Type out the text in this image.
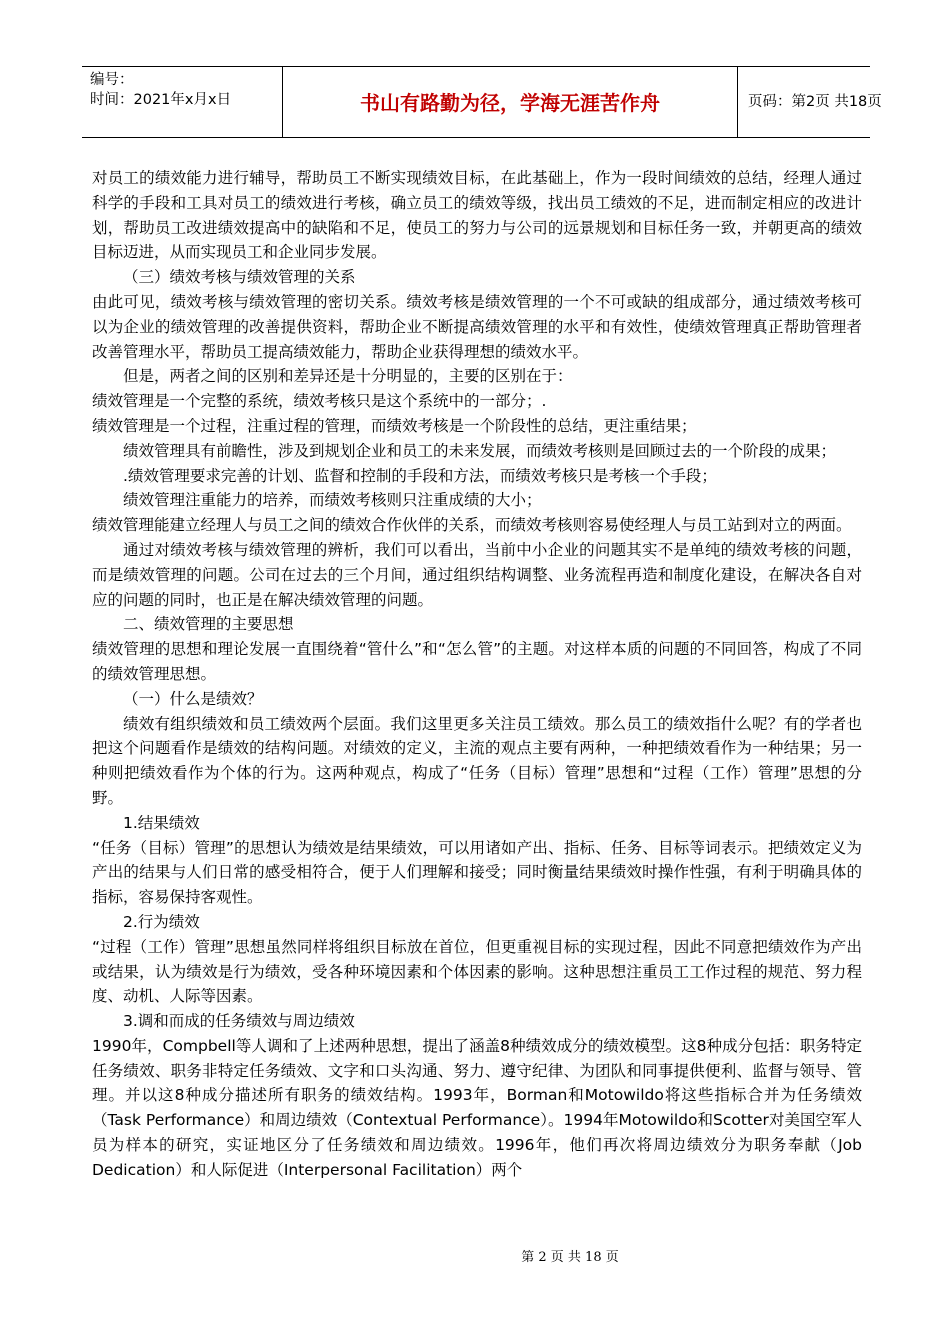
编号：
时间：2021年x月x日	书山有路勤为径，学海无涯苦作舟	页码：第2页 共18页

对员工的绩效能力进行辅导，帮助员工不断实现绩效目标，在此基础上，作为一段时间绩效的总结，经理人通过科学的手段和工具对员工的绩效进行考核，确立员工的绩效等级，找出员工绩效的不足，进而制定相应的改进计划，帮助员工改进绩效提高中的缺陷和不足，使员工的努力与公司的远景规划和目标任务一致，并朝更高的绩效目标迈进，从而实现员工和企业同步发展。

（三）绩效考核与绩效管理的关系

由此可见，绩效考核与绩效管理的密切关系。绩效考核是绩效管理的一个不可或缺的组成部分，通过绩效考核可以为企业的绩效管理的改善提供资料，帮助企业不断提高绩效管理的水平和有效性，使绩效管理真正帮助管理者改善管理水平，帮助员工提高绩效能力，帮助企业获得理想的绩效水平。

但是，两者之间的区别和差异还是十分明显的，主要的区别在于：

绩效管理是一个完整的系统，绩效考核只是这个系统中的一部分；.

绩效管理是一个过程，注重过程的管理，而绩效考核是一个阶段性的总结，更注重结果；

绩效管理具有前瞻性，涉及到规划企业和员工的未来发展，而绩效考核则是回顾过去的一个阶段的成果；

.绩效管理要求完善的计划、监督和控制的手段和方法，而绩效考核只是考核一个手段；

绩效管理注重能力的培养，而绩效考核则只注重成绩的大小；

绩效管理能建立经理人与员工之间的绩效合作伙伴的关系，而绩效考核则容易使经理人与员工站到对立的两面。

通过对绩效考核与绩效管理的辨析，我们可以看出，当前中小企业的问题其实不是单纯的绩效考核的问题，而是绩效管理的问题。公司在过去的三个月间，通过组织结构调整、业务流程再造和制度化建设，在解决各自对应的问题的同时，也正是在解决绩效管理的问题。

二、绩效管理的主要思想

绩效管理的思想和理论发展一直围绕着“管什么”和“怎么管”的主题。对这样本质的问题的不同回答，构成了不同的绩效管理思想。

（一）什么是绩效？

绩效有组织绩效和员工绩效两个层面。我们这里更多关注员工绩效。那么员工的绩效指什么呢？有的学者也把这个问题看作是绩效的结构问题。对绩效的定义，主流的观点主要有两种，一种把绩效看作为一种结果；另一种则把绩效看作为个体的行为。这两种观点，构成了“任务（目标）管理”思想和“过程（工作）管理”思想的分野。

1.结果绩效

“任务（目标）管理”的思想认为绩效是结果绩效，可以用诸如产出、指标、任务、目标等词表示。把绩效定义为产出的结果与人们日常的感受相符合，便于人们理解和接受；同时衡量结果绩效时操作性强，有利于明确具体的指标，容易保持客观性。

2.行为绩效

“过程（工作）管理”思想虽然同样将组织目标放在首位，但更重视目标的实现过程，因此不同意把绩效作为产出或结果，认为绩效是行为绩效，受各种环境因素和个体因素的影响。这种思想注重员工工作过程的规范、努力程度、动机、人际等因素。

3.调和而成的任务绩效与周边绩效

1990年，Compbell等人调和了上述两种思想，提出了涵盖8种绩效成分的绩效模型。这8种成分包括：职务特定任务绩效、职务非特定任务绩效、文字和口头沟通、努力、遵守纪律、为团队和同事提供便利、监督与领导、管理。并以这8种成分描述所有职务的绩效结构。1993年，Borman和Motowildo将这些指标合并为任务绩效（Task Performance）和周边绩效（Contextual Performance）。1994年Motowildo和Scotter对美国空军人员为样本的研究，实证地区分了任务绩效和周边绩效。1996年，他们再次将周边绩效分为职务奉献（Job Dedication）和人际促进（Interpersonal Facilitation）两个

第 2 页 共 18 页
